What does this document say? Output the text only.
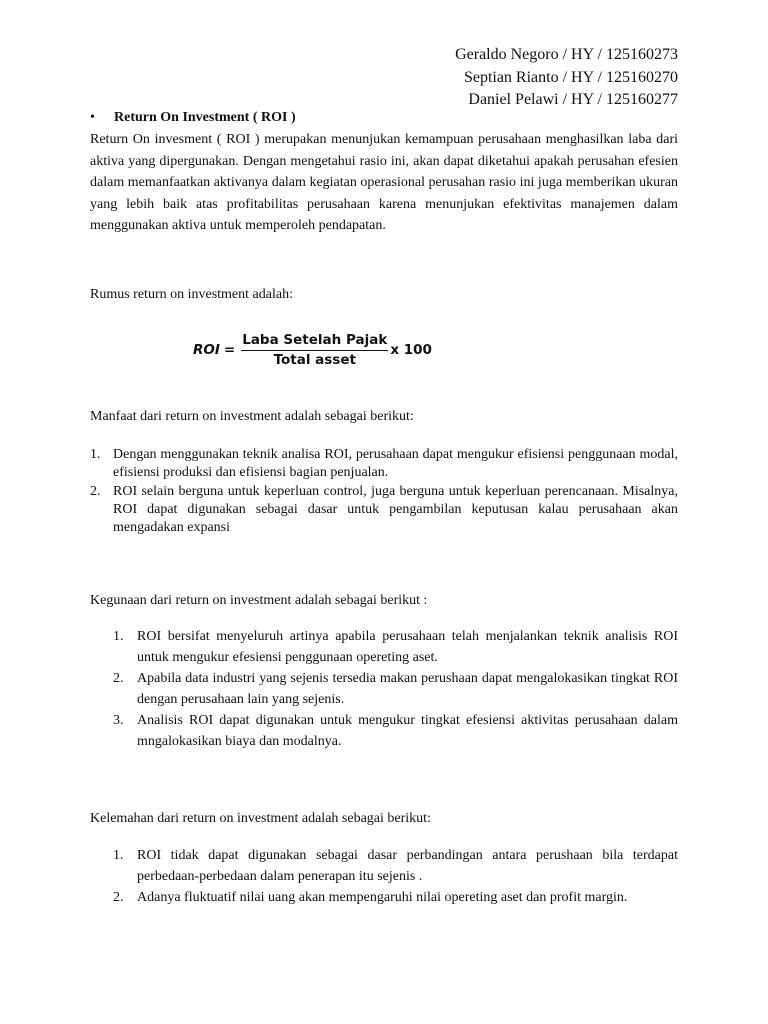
Geraldo Negoro / HY / 125160273
Septian Rianto / HY / 125160270
Daniel Pelawi / HY / 125160277
• Return On Investment ( ROI )

Return On invesment ( ROI ) merupakan menunjukan kemampuan perusahaan menghasilkan laba dari aktiva yang dipergunakan. Dengan mengetahui rasio ini, akan dapat diketahui apakah perusahan efesien dalam memanfaatkan aktivanya dalam kegiatan operasional perusahan rasio ini juga memberikan ukuran yang lebih baik atas profitabilitas perusahaan karena menunjukan efektivitas manajemen dalam menggunakan aktiva untuk memperoleh pendapatan.

Rumus return on investment adalah:

ROI = $\frac{\text{Laba Setelah Pajak}}{\text{Total asset}}$ x 100

Manfaat dari return on investment adalah sebagai berikut:

1. Dengan menggunakan teknik analisa ROI, perusahaan dapat mengukur efisiensi penggunaan modal, efisiensi produksi dan efisiensi bagian penjualan.
2. ROI selain berguna untuk keperluan control, juga berguna untuk keperluan perencanaan. Misalnya, ROI dapat digunakan sebagai dasar untuk pengambilan keputusan kalau perusahaan akan mengadakan expansi

Kegunaan dari return on investment adalah sebagai berikut :

1. ROI bersifat menyeluruh artinya apabila perusahaan telah menjalankan teknik analisis ROI untuk mengukur efesiensi penggunaan opereting aset.
2. Apabila data industri yang sejenis tersedia makan perushaan dapat mengalokasikan tingkat ROI dengan perusahaan lain yang sejenis.
3. Analisis ROI dapat digunakan untuk mengukur tingkat efesiensi aktivitas perusahaan dalam mngalokasikan biaya dan modalnya.

Kelemahan dari return on investment adalah sebagai berikut:

1. ROI tidak dapat digunakan sebagai dasar perbandingan antara perushaan bila terdapat perbedaan-perbedaan dalam penerapan itu sejenis .
2. Adanya fluktuatif nilai uang akan mempengaruhi nilai opereting aset dan profit margin.
